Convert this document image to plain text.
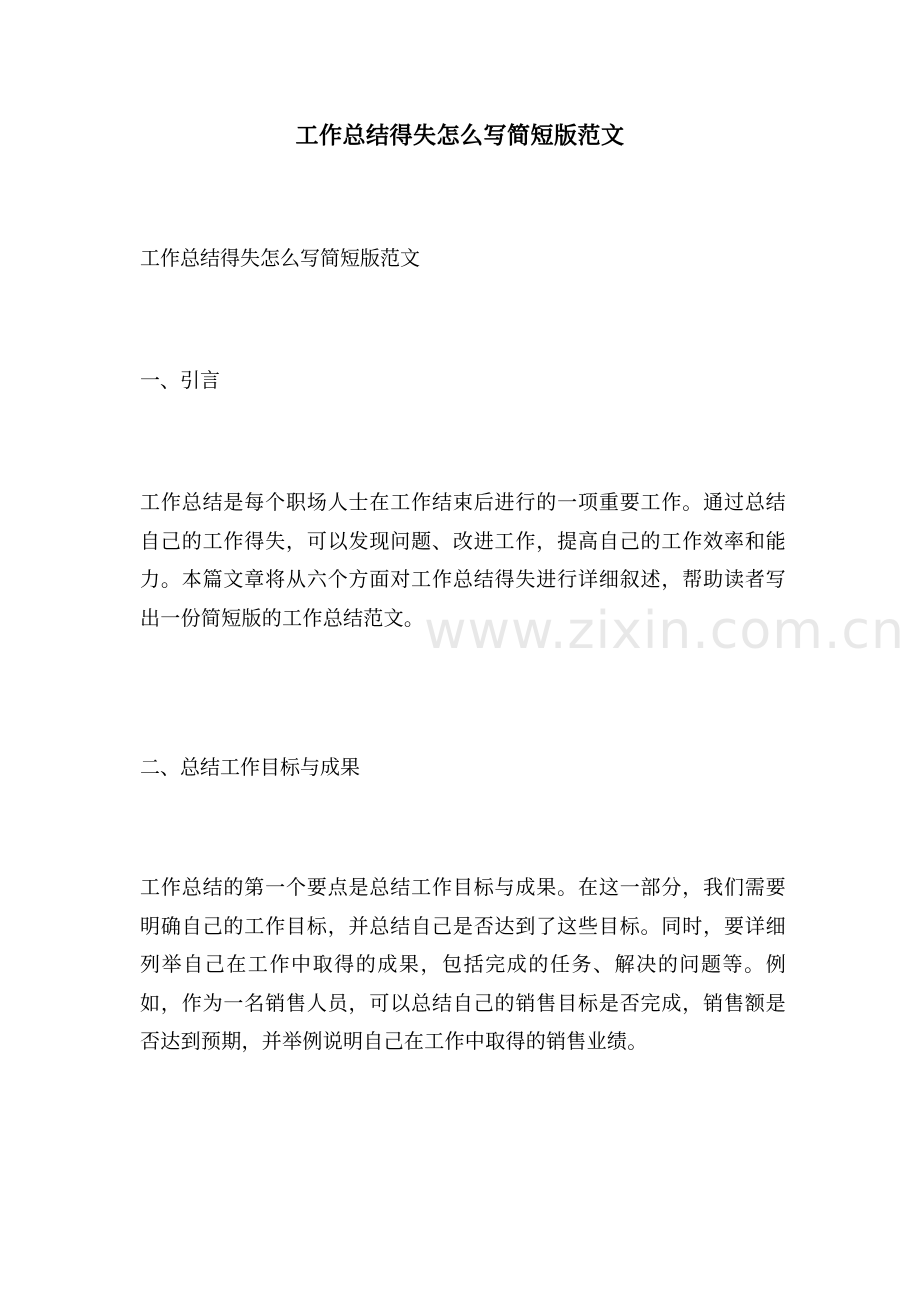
工作总结得失怎么写简短版范文
工作总结得失怎么写简短版范文
一、引言
工作总结是每个职场人士在工作结束后进行的一项重要工作。通过总结自己的工作得失，可以发现问题、改进工作，提高自己的工作效率和能力。本篇文章将从六个方面对工作总结得失进行详细叙述，帮助读者写出一份简短版的工作总结范文。
二、总结工作目标与成果
工作总结的第一个要点是总结工作目标与成果。在这一部分，我们需要明确自己的工作目标，并总结自己是否达到了这些目标。同时，要详细列举自己在工作中取得的成果，包括完成的任务、解决的问题等。例如，作为一名销售人员，可以总结自己的销售目标是否完成，销售额是否达到预期，并举例说明自己在工作中取得的销售业绩。
www.zixin.com.cn
